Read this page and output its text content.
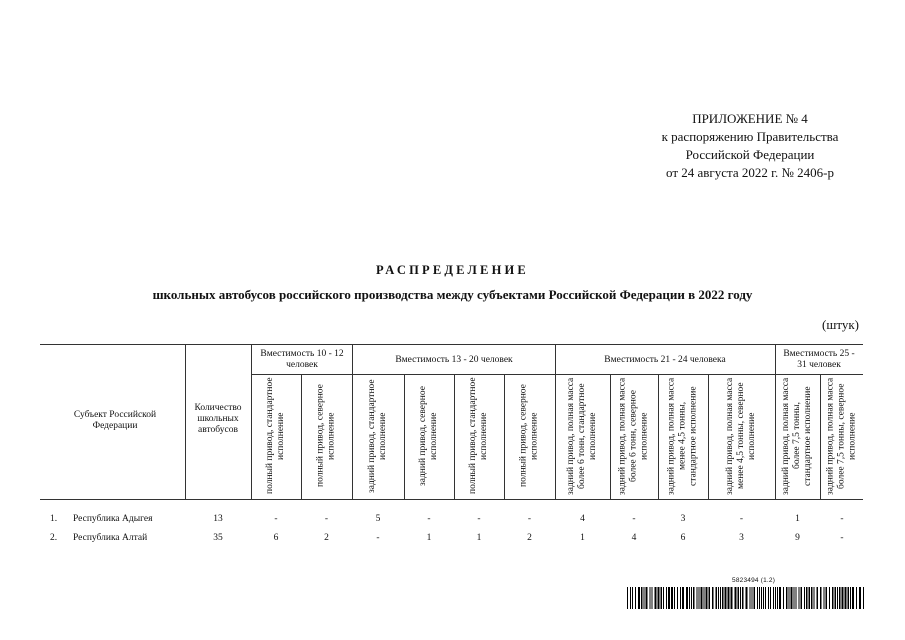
ПРИЛОЖЕНИЕ № 4
к распоряжению Правительства
Российской Федерации
от 24 августа 2022 г. № 2406-р
РАСПРЕДЕЛЕНИЕ
школьных автобусов российского производства между субъектами Российской Федерации в 2022 году
(штук)
Субъект Российской Федерации
Количество школьных автобусов
Вместимость 10 - 12 человек	Вместимость 13 - 20 человек	Вместимость 21 - 24 человека
Вместимость 25 - 31 человек
полный привод, стандартное исполнение	полный привод, северное исполнение	задний привод, стандартное исполнение	задний привод, северное исполнение	полный привод, стандартное исполнение	полный привод, северное исполнение	задний привод, полная масса более 6 тонн, стандартное исполнение	задний привод, полная масса более 6 тонн, северное исполнение	задний привод, полная масса менее 4,5 тонны, стандартное исполнение	задний привод, полная масса менее 4,5 тонны, северное исполнение	задний привод, полная масса более 7,5 тонны, стандартное исполнение	задний привод, полная масса более 7,5 тонны, северное исполнение
1. Республика Адыгея	13	-	-	5	-	-	-	4	-	3	-	1	-
2. Республика Алтай	35	6	2	-	1	1	2	1	4	6	3	9	-
5823494 (1.2)
